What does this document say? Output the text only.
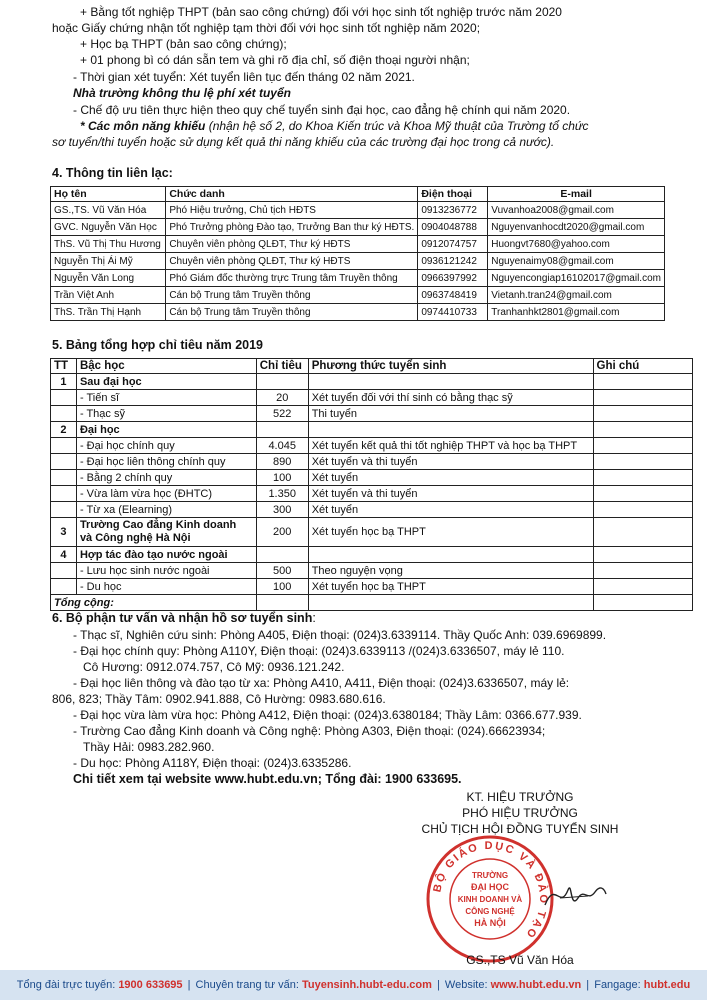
+ Bằng tốt nghiệp THPT (bản sao công chứng) đối với học sinh tốt nghiệp trước năm 2020
hoặc Giấy chứng nhận tốt nghiệp tạm thời đối với học sinh tốt nghiệp năm 2020;
+ Học bạ THPT (bản sao công chứng);
+ 01 phong bì có dán sẵn tem và ghi rõ địa chỉ, số điện thoại người nhận;
- Thời gian xét tuyển: Xét tuyển liên tục đến tháng 02 năm 2021.
Nhà trường không thu lệ phí xét tuyển
- Chế độ ưu tiên thực hiện theo quy chế tuyển sinh đại học, cao đẳng hệ chính qui năm 2020.
* Các môn năng khiếu (nhận hệ số 2, do Khoa Kiến trúc và Khoa Mỹ thuật của Trường tổ chức
sơ tuyển/thi tuyển hoặc sử dụng kết quả thi năng khiếu của các trường đại học trong cả nước).
4. Thông tin liên lạc:
Họ tên	Chức danh	Điện thoại	E-mail
GS.,TS. Vũ Văn Hóa	Phó Hiệu trưởng, Chủ tịch HĐTS	0913236772	Vuvanhoa2008@gmail.com
GVC. Nguyễn Văn Học	Phó Trưởng phòng Đào tạo, Trưởng Ban thư ký HĐTS.	0904048788	Nguyenvanhocdt2020@gmail.com
ThS. Vũ Thị Thu Hương	Chuyên viên phòng QLĐT, Thư ký HĐTS	0912074757	Huongvt7680@yahoo.com
Nguyễn Thị Ái Mỹ	Chuyên viên phòng QLĐT, Thư ký HĐTS	0936121242	Nguyenaimy08@gmail.com
Nguyễn Văn Long	Phó Giám đốc thường trực Trung tâm Truyền thông	0966397992	Nguyencongiap16102017@gmail.com
Trần Việt Anh	Cán bộ Trung tâm Truyền thông	0963748419	Vietanh.tran24@gmail.com
ThS. Trần Thị Hạnh	Cán bộ Trung tâm Truyền thông	0974410733	Tranhanhkt2801@gmail.com
5. Bảng tổng hợp chỉ tiêu năm 2019
TT	Bậc học	Chỉ tiêu	Phương thức tuyển sinh	Ghi chú
1	Sau đại học			
	- Tiến sĩ	20	Xét tuyển đối với thí sinh có bằng thạc sỹ	
	- Thạc sỹ	522	Thi tuyển	
2	Đại học			
	- Đại học chính quy	4.045	Xét tuyển kết quả thi tốt nghiệp THPT và học bạ THPT	
	- Đại học liên thông chính quy	890	Xét tuyển và thi tuyển	
	- Bằng 2 chính quy	100	Xét tuyển	
	- Vừa làm vừa học (ĐHTC)	1.350	Xét tuyển và thi tuyển	
	- Từ xa (Elearning)	300	Xét tuyển	
3	Trường Cao đẳng Kinh doanh
và Công nghệ Hà Nội	200	Xét tuyển học bạ THPT	
4	Hợp tác đào tạo nước ngoài			
	- Lưu học sinh nước ngoài	500	Theo nguyện vọng	
	- Du học	100	Xét tuyển học bạ THPT	
Tổng cộng:				
6. Bộ phận tư vấn và nhận hồ sơ tuyển sinh:
- Thạc sĩ, Nghiên cứu sinh: Phòng A405, Điện thoại: (024)3.6339114. Thầy Quốc Anh: 039.6969899.
- Đại học chính quy: Phòng A110Y, Điện thoại: (024)3.6339113 /(024)3.6336507, máy lẻ 110.
Cô Hương: 0912.074.757, Cô Mỹ: 0936.121.242.
- Đại học liên thông và đào tạo từ xa: Phòng A410, A411, Điện thoại: (024)3.6336507, máy lẻ:
806, 823; Thầy Tâm: 0902.941.888, Cô Hường: 0983.680.616.
- Đại học vừa làm vừa học: Phòng A412, Điện thoại: (024)3.6380184; Thầy Lâm: 0366.677.939.
- Trường Cao đẳng Kinh doanh và Công nghệ: Phòng A303, Điện thoại: (024).66623934;
Thầy Hải: 0983.282.960.
- Du học: Phòng A118Y, Điện thoại: (024)3.6335286.
Chi tiết xem tại website www.hubt.edu.vn; Tổng đài: 1900 633695.
KT. HIỆU TRƯỞNG
PHÓ HIỆU TRƯỞNG
CHỦ TỊCH HỘI ĐỒNG TUYỂN SINH
BỘ GIÁO DỤC VÀ ĐÀO TẠO
TRƯỜNG
ĐẠI HỌC
KINH DOANH VÀ
CÔNG NGHỆ
HÀ NỘI
GS.,TS Vũ Văn Hóa
Tổng đài trực tuyến: 1900 633695 | Chuyên trang tư vấn: Tuyensinh.hubt-edu.com | Website: www.hubt.edu.vn | Fangage: hubt.edu
